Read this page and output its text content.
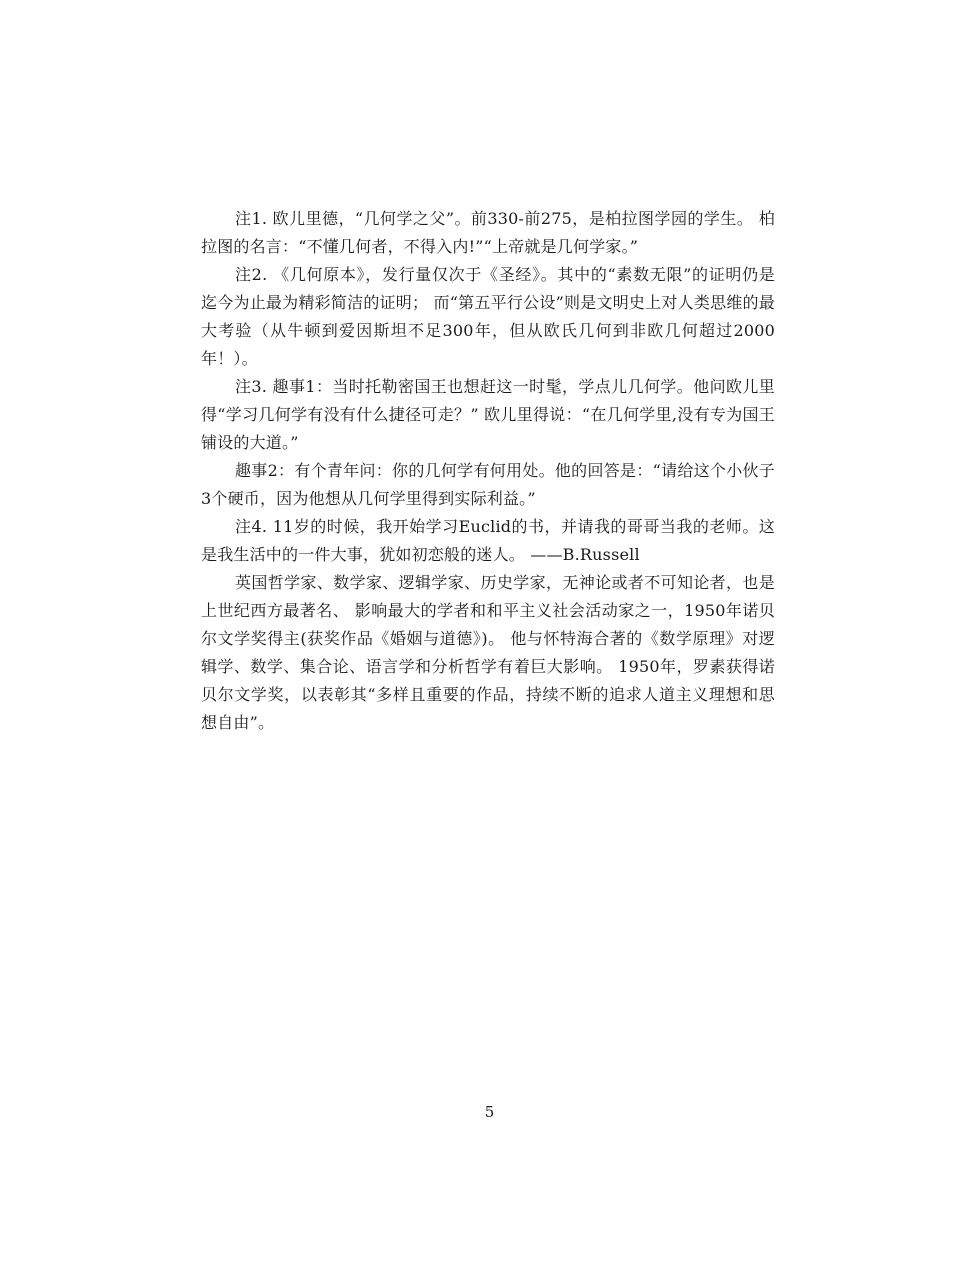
注1. 欧儿里德，“几何学之父”。前330-前275，是柏拉图学园的学生。 柏拉图的名言：“不懂几何者，不得入内!”“上帝就是几何学家。”

注2. 《几何原本》，发行量仅次于《圣经》。其中的“素数无限”的证明仍是迄今为止最为精彩简洁的证明； 而“第五平行公设”则是文明史上对人类思维的最大考验（从牛顿到爱因斯坦不足300年，但从欧氏几何到非欧几何超过2000年！）。

注3. 趣事1：当时托勒密国王也想赶这一时髦，学点儿几何学。他问欧儿里得“学习几何学有没有什么捷径可走？” 欧儿里得说：“在几何学里,没有专为国王铺设的大道。”

趣事2：有个青年问：你的几何学有何用处。他的回答是：“请给这个小伙子3个硬币，因为他想从几何学里得到实际利益。”

注4. 11岁的时候，我开始学习Euclid的书，并请我的哥哥当我的老师。这是我生活中的一件大事，犹如初恋般的迷人。 ——B.Russell

英国哲学家、数学家、逻辑学家、历史学家，无神论或者不可知论者，也是上世纪西方最著名、 影响最大的学者和和平主义社会活动家之一，1950年诺贝尔文学奖得主(获奖作品《婚姻与道德》)。 他与怀特海合著的《数学原理》对逻辑学、数学、集合论、语言学和分析哲学有着巨大影响。 1950年，罗素获得诺贝尔文学奖，以表彰其“多样且重要的作品，持续不断的追求人道主义理想和思想自由”。

5
